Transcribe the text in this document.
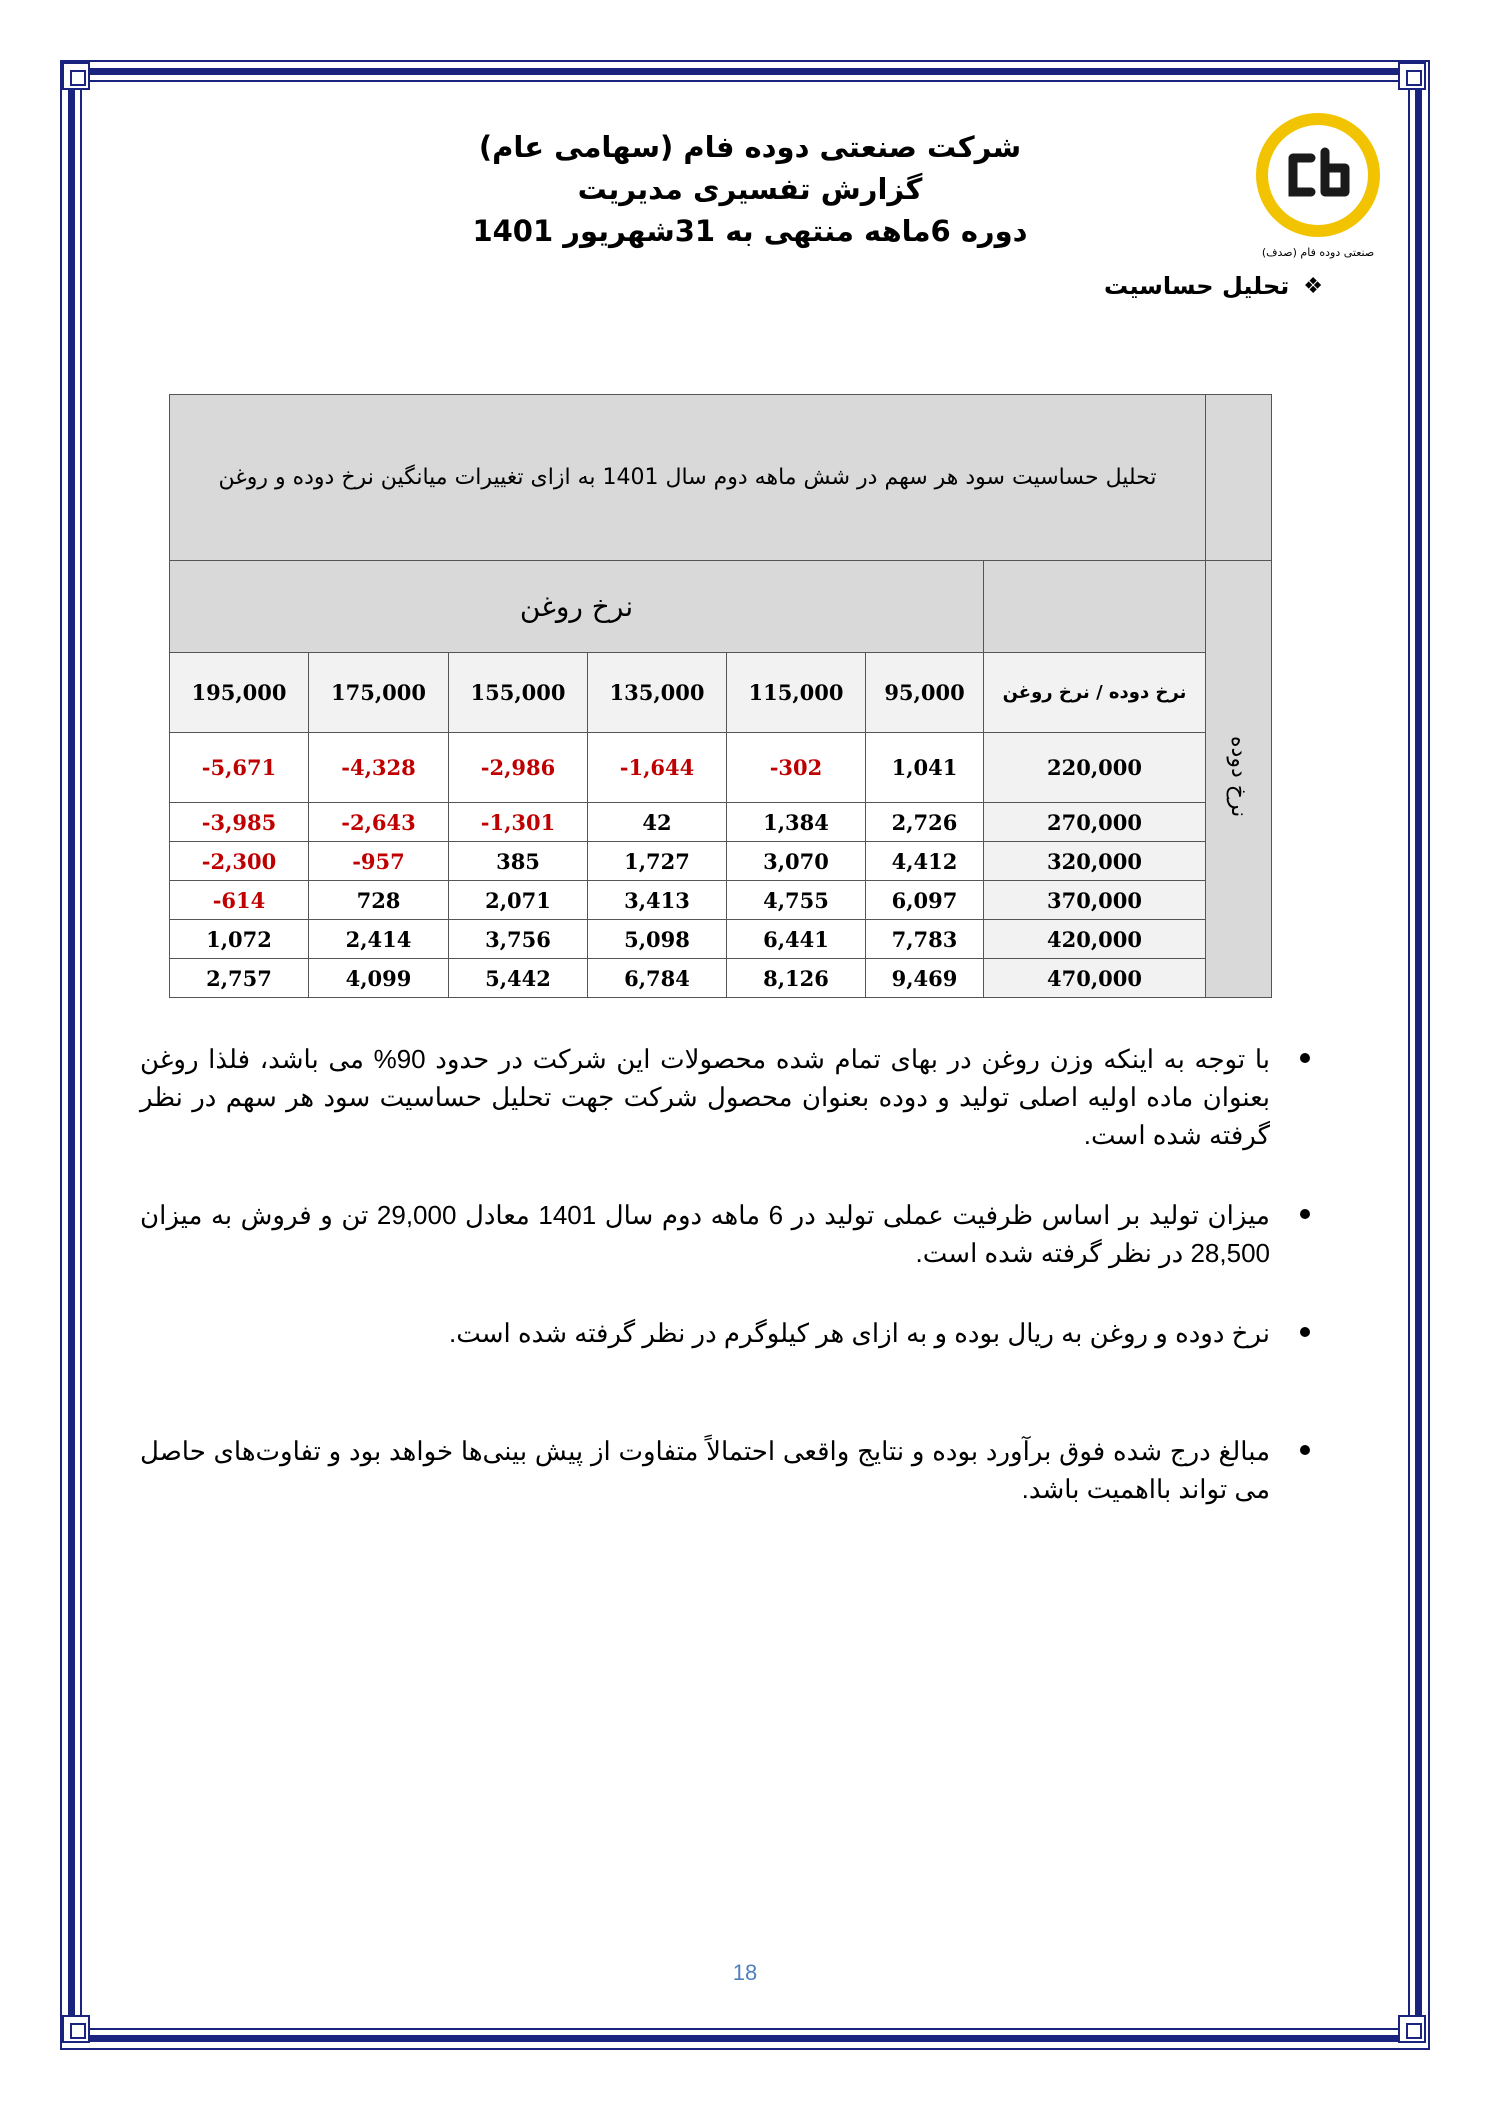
شرکت صنعتی دوده فام (سهامی عام)
گزارش تفسیری مدیریت
دوره 6ماهه منتهی به 31شهریور 1401
صنعتی دوده فام (صدف)
❖
تحلیل حساسیت
تحلیل حساسیت سود هر سهم در شش ماهه دوم سال 1401 به ازای تغییرات میانگین نرخ دوده و روغن							
نرخ روغن							نرخ دوده
195,000	175,000	155,000	135,000	115,000	95,000	نرخ دوده / نرخ روغن	
-5,671	-4,328	-2,986	-1,644	-302	1,041	220,000	
-3,985	-2,643	-1,301	42	1,384	2,726	270,000	
-2,300	-957	385	1,727	3,070	4,412	320,000	
-614	728	2,071	3,413	4,755	6,097	370,000	
1,072	2,414	3,756	5,098	6,441	7,783	420,000	
2,757	4,099	5,442	6,784	8,126	9,469	470,000	
با توجه به اینکه وزن روغن در بهای تمام شده محصولات این شرکت در حدود 90% می باشد، فلذا روغن بعنوان ماده اولیه اصلی تولید و دوده بعنوان محصول شرکت جهت تحلیل حساسیت سود هر سهم در نظر گرفته شده است.
میزان تولید بر اساس ظرفیت عملی تولید در 6 ماهه دوم سال 1401 معادل 29,000 تن و فروش به میزان 28,500 در نظر گرفته شده است.
نرخ دوده و روغن به ریال بوده و به ازای هر کیلوگرم در نظر گرفته شده است.
مبالغ درج شده فوق برآورد بوده و نتایج واقعی احتمالاً متفاوت از پیش بینی‌ها خواهد بود و تفاوت‌های حاصل می تواند بااهمیت باشد.
18
